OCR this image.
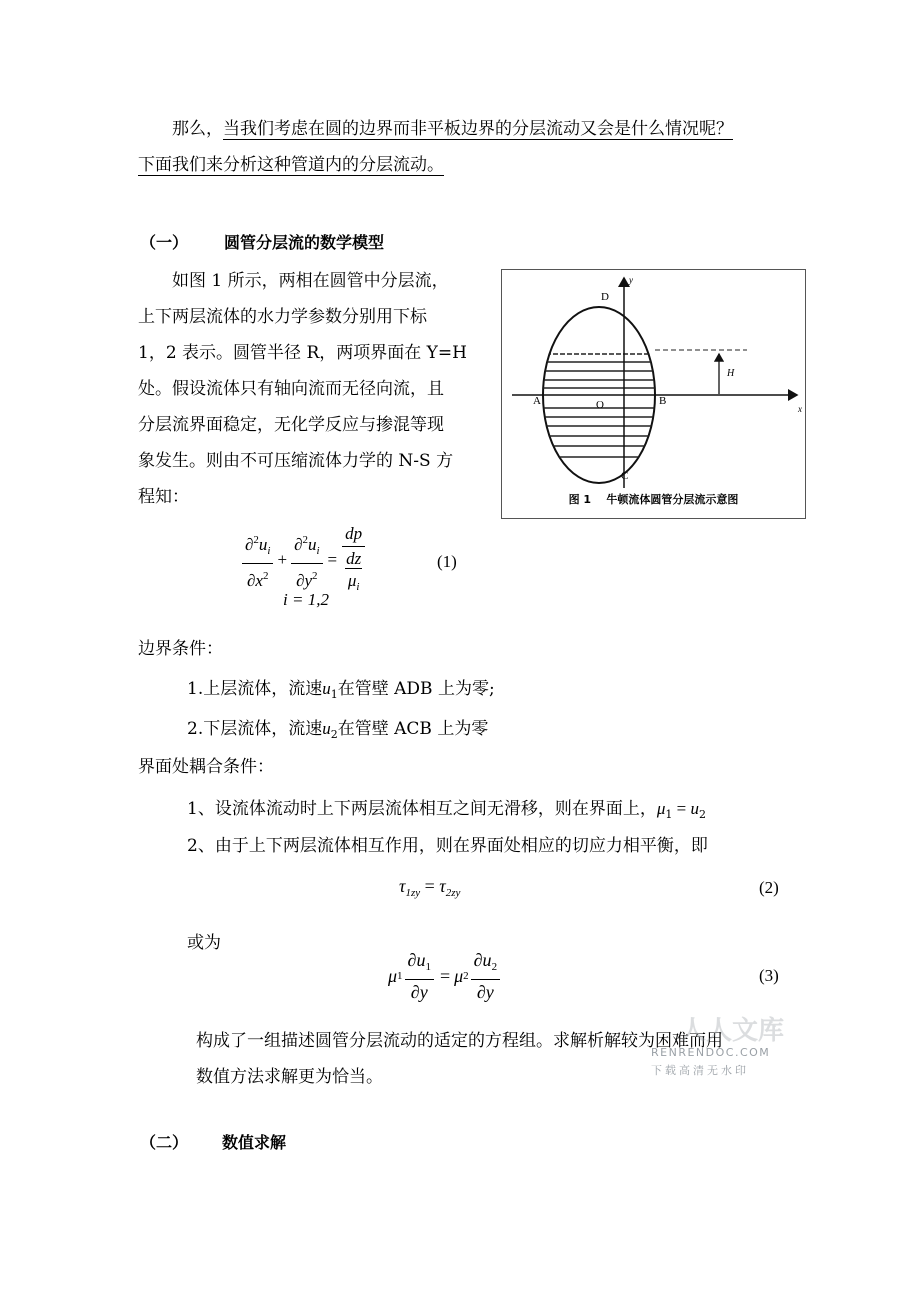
那么，当我们考虑在圆的边界而非平板边界的分层流动又会是什么情况呢？
下面我们来分析这种管道内的分层流动。
（一） 圆管分层流的数学模型
如图 1 所示，两相在圆管中分层流，
上下两层流体的水力学参数分别用下标
1，2 表示。圆管半径 R，两项界面在 Y=H
处。假设流体只有轴向流而无径向流，且
分层流界面稳定，无化学反应与掺混等现
象发生。则由不可压缩流体力学的 N-S 方
程知：
D
y
A	O	B
x
H
C
图 1    牛顿流体圆管分层流示意图
$\frac{\partial^2u_i}{\partial x^2} + \frac{\partial^2u_i}{\partial y^2} = \frac{\frac{dp}{dz}}{\mu_i}$
i = 1,2
(1)
边界条件：
1.上层流体，流速$u_1$在管壁 ADB 上为零;
2.下层流体，流速$u_2$在管壁 ACB 上为零
界面处耦合条件：
1、设流体流动时上下两层流体相互之间无滑移，则在界面上，$\mu_1 = u_2$
2、由于上下两层流体相互作用，则在界面处相应的切应力相平衡，即
$\tau_{1zy} = \tau_{2zy}$	(2)
或为
μ $1 \frac{\partial u_1}{\partial y} = \mu$ $2 \frac{\partial u_2}{\partial y}$	(3)
构成了一组描述圆管分层流动的适定的方程组。求解析解较为困难而用
数值方法求解更为恰当。
（二） 数值求解
人人文库
RENRENDOC.COM
下载高清无水印
